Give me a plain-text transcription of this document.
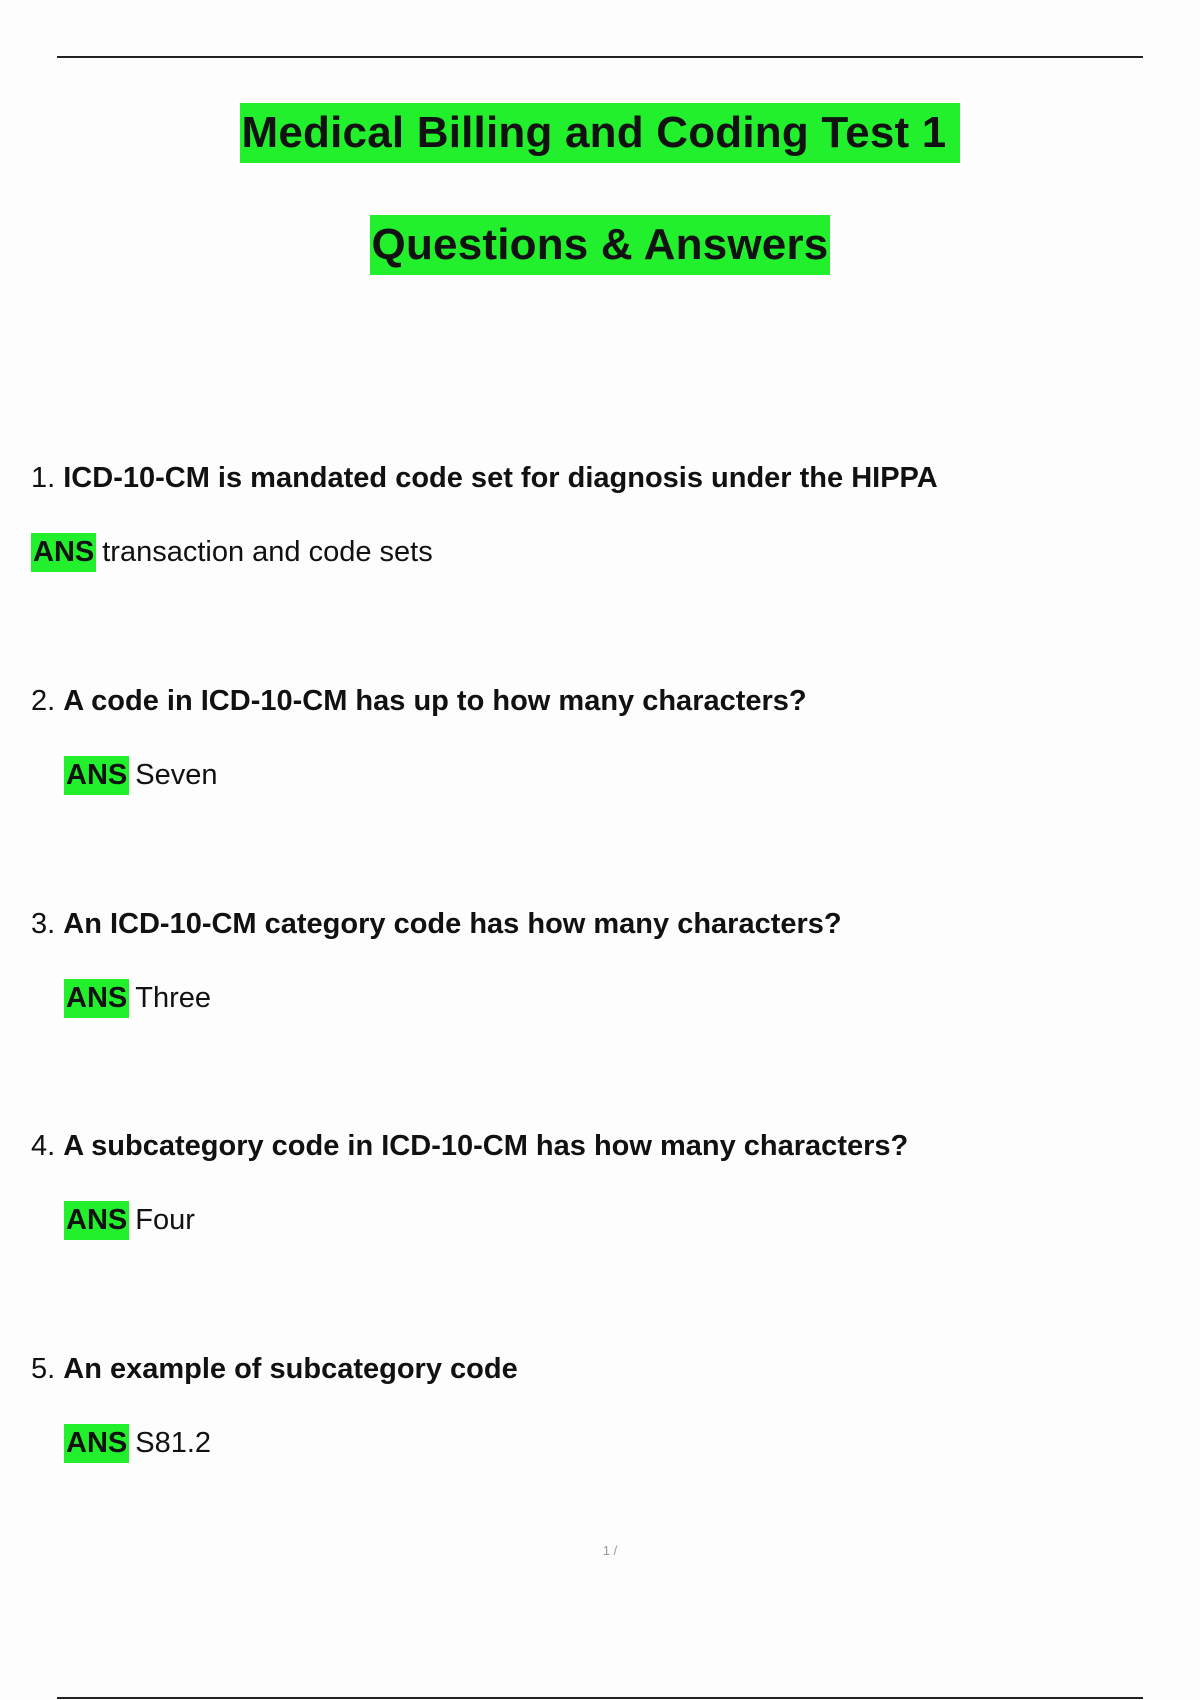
Medical Billing and Coding Test 1
Questions & Answers
1. ICD-10-CM is mandated code set for diagnosis under the HIPPA
ANS transaction and code sets
2. A code in ICD-10-CM has up to how many characters?
ANS Seven
3. An ICD-10-CM category code has how many characters?
ANS Three
4. A subcategory code in ICD-10-CM has how many characters?
ANS Four
5. An example of subcategory code
ANS S81.2
1 /
